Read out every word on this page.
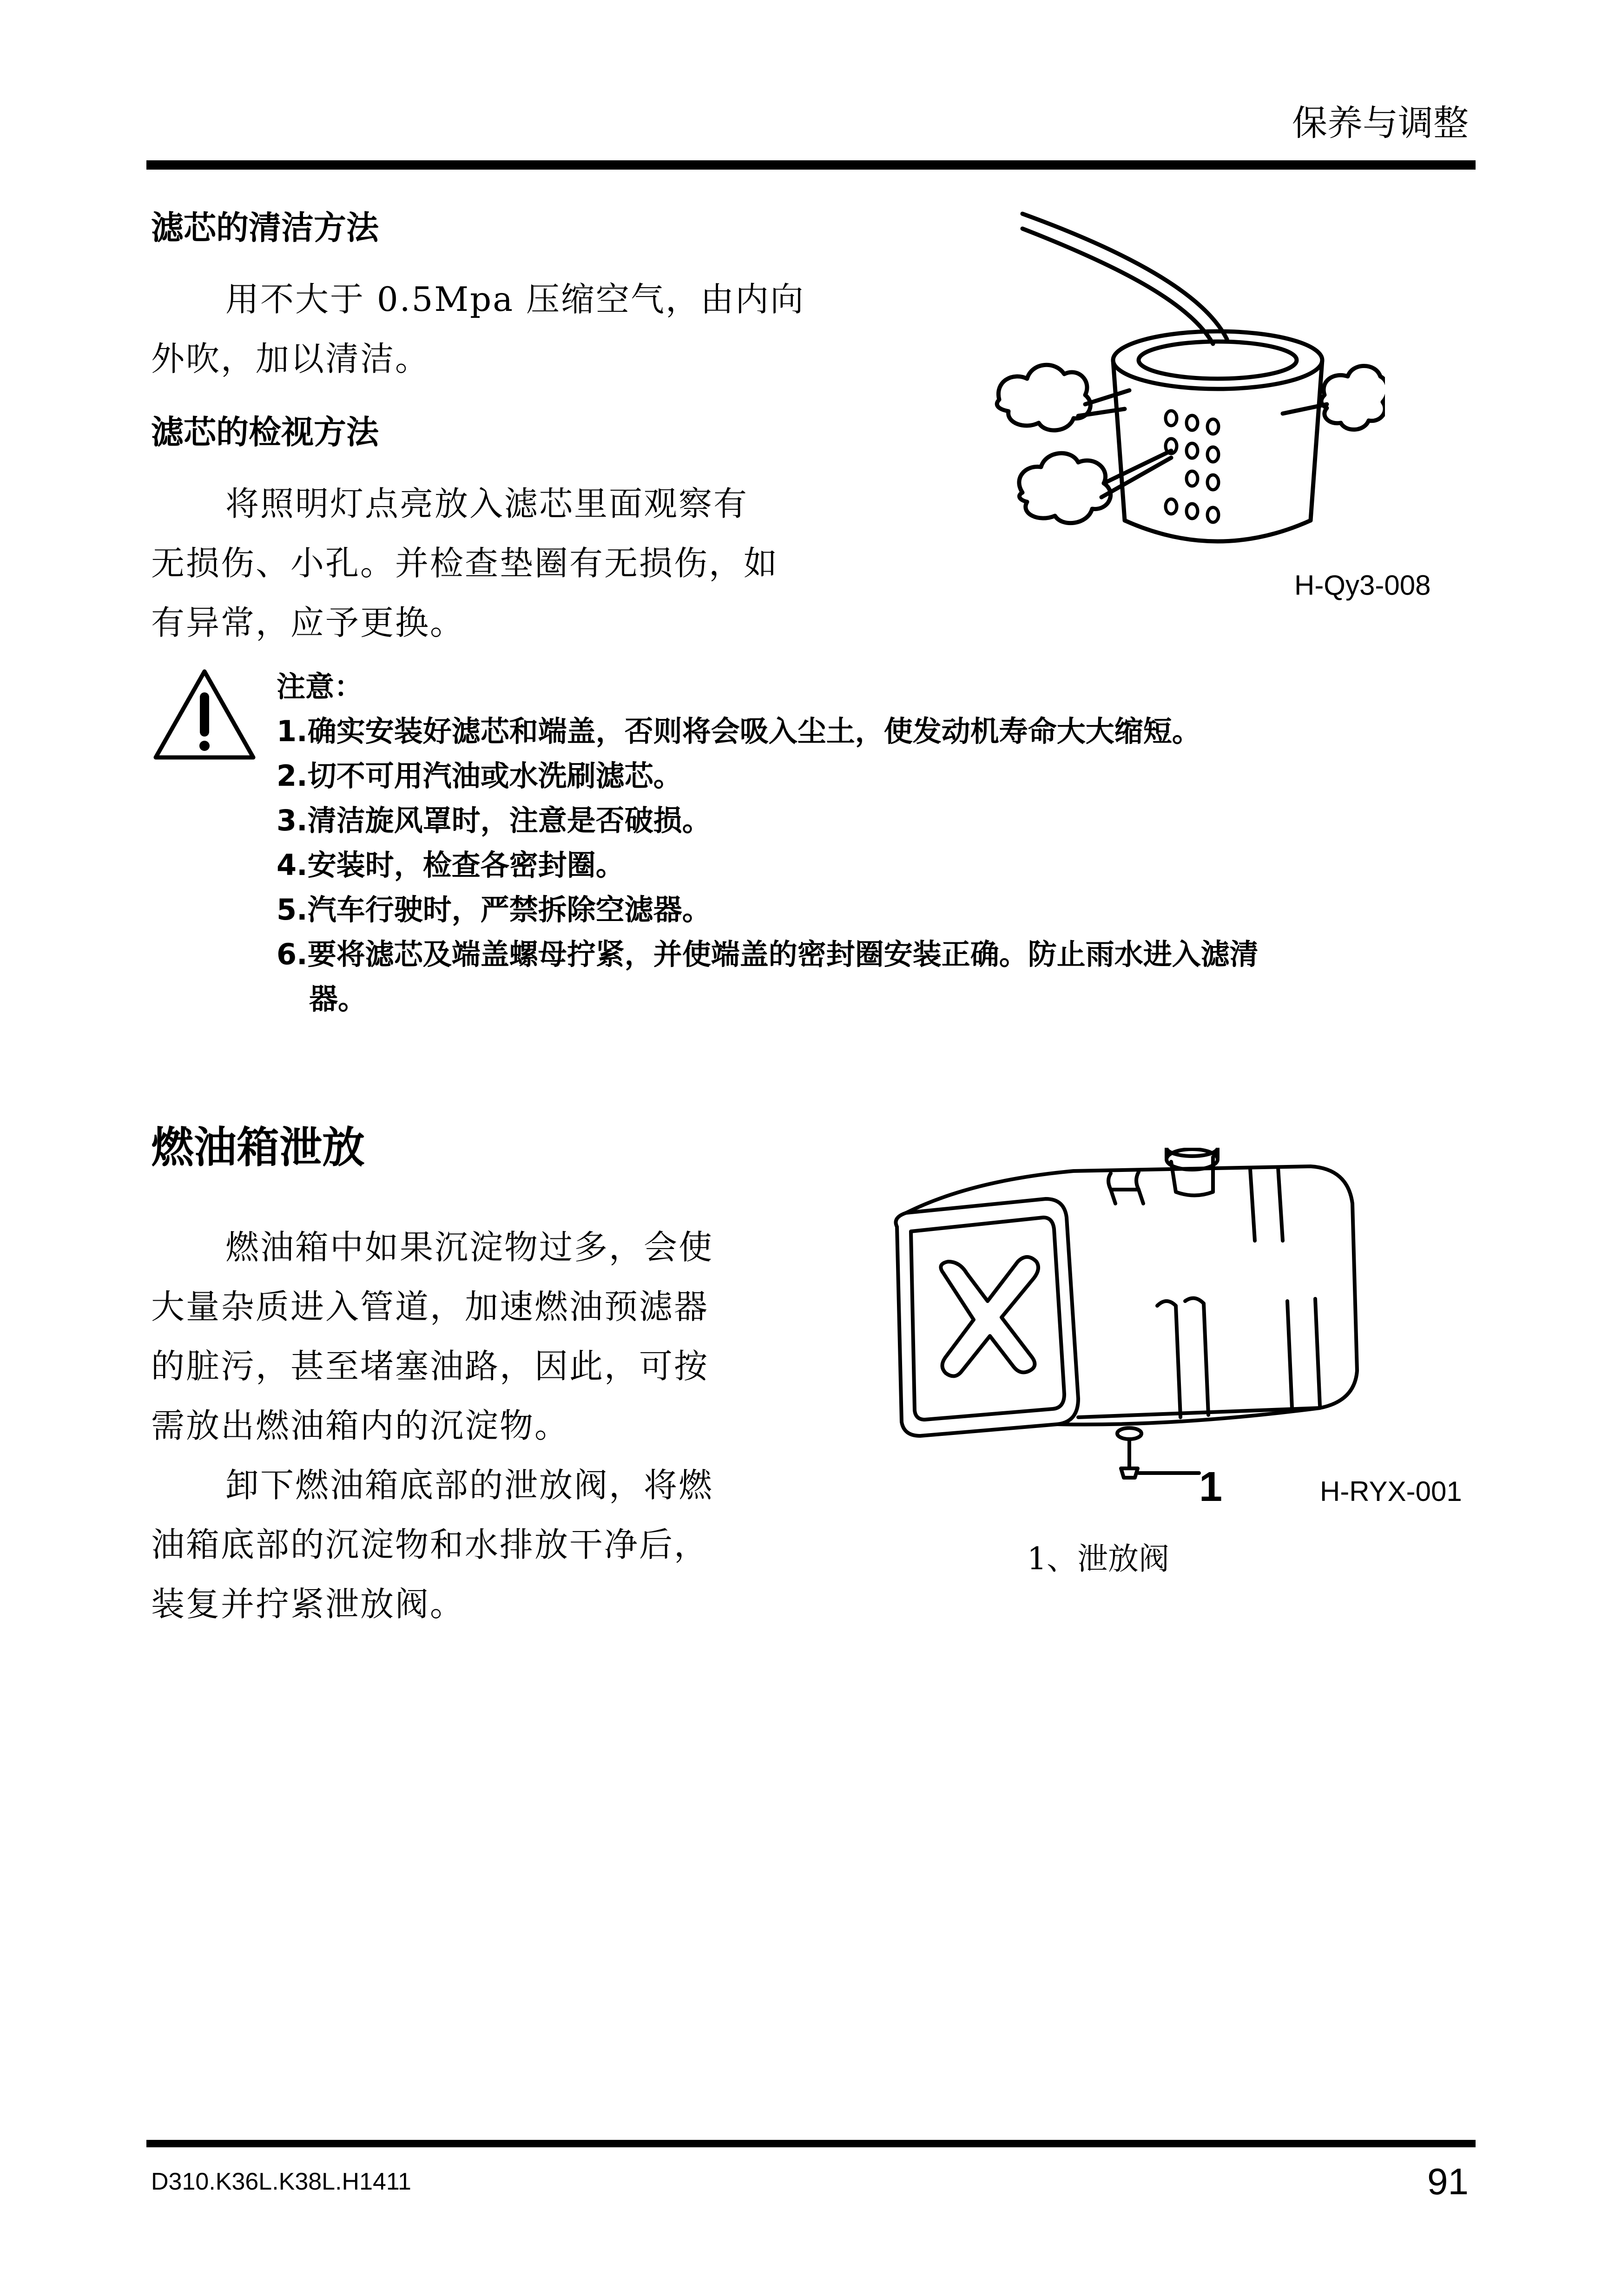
保养与调整
滤芯的清洁方法

用不大于 0.5Mpa 压缩空气，由内向

外吹，加以清洁。

滤芯的检视方法

将照明灯点亮放入滤芯里面观察有

无损伤、小孔。并检查垫圈有无损伤，如

有异常，应予更换。

H-Qy3-008
注意：
1.确实安装好滤芯和端盖，否则将会吸入尘土，使发动机寿命大大缩短。
2.切不可用汽油或水洗刷滤芯。
3.清洁旋风罩时，注意是否破损。
4.安装时，检查各密封圈。
5.汽车行驶时，严禁拆除空滤器。
6.要将滤芯及端盖螺母拧紧，并使端盖的密封圈安装正确。防止雨水进入滤清
器。
燃油箱泄放

燃油箱中如果沉淀物过多，会使

大量杂质进入管道，加速燃油预滤器

的脏污，甚至堵塞油路，因此，可按

需放出燃油箱内的沉淀物。

卸下燃油箱底部的泄放阀，将燃

油箱底部的沉淀物和水排放干净后，

装复并拧紧泄放阀。

1	H-RYX-001
1、泄放阀
D310.K36L.K38L.H1411	91
